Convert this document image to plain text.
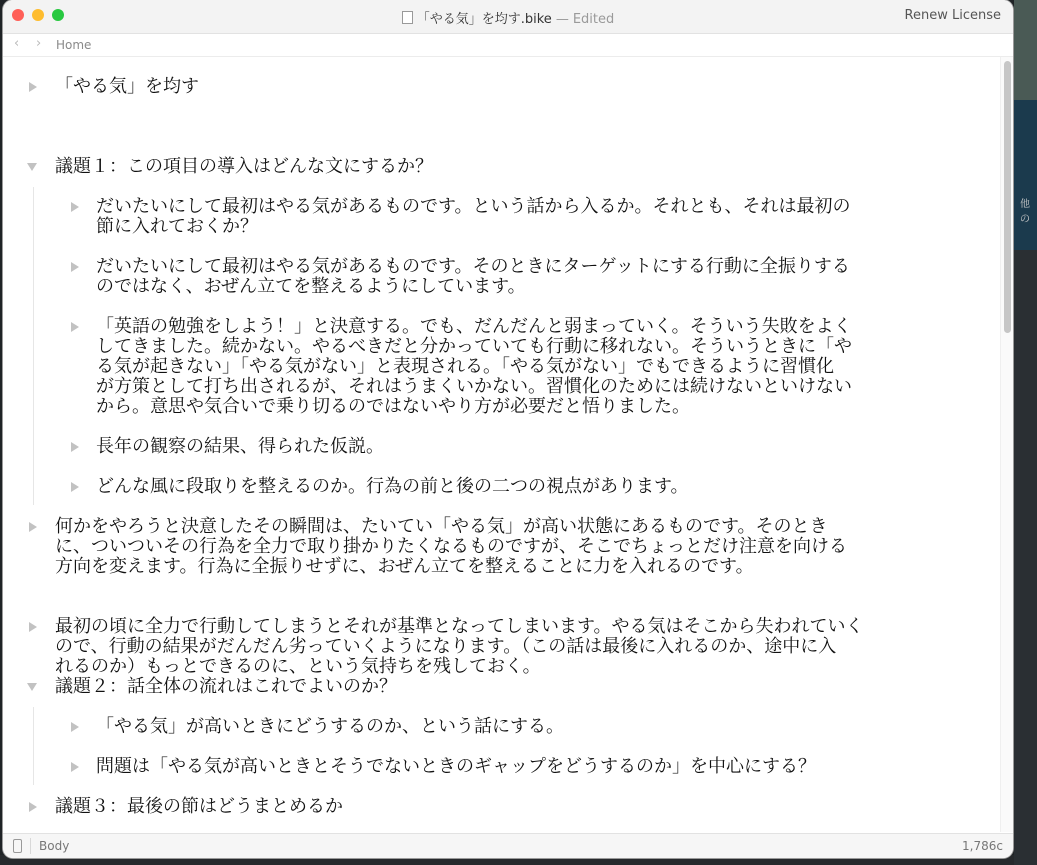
他の
「やる気」を均す.bike — Edited	Renew License
‹ › Home
「やる気」を均す
議題１：この項目の導入はどんな文にするか？
だいたいにして最初はやる気があるものです。という話から入るか。それとも、それは最初の
節に入れておくか？
だいたいにして最初はやる気があるものです。そのときにターゲットにする行動に全振りする
のではなく、おぜん立てを整えるようにしています。
「英語の勉強をしよう！」と決意する。でも、だんだんと弱まっていく。そういう失敗をよく
してきました。続かない。やるべきだと分かっていても行動に移れない。そういうときに「や
る気が起きない」「やる気がない」と表現される。「やる気がない」でもできるように習慣化
が方策として打ち出されるが、それはうまくいかない。習慣化のためには続けないといけない
から。意思や気合いで乗り切るのではないやり方が必要だと悟りました。
長年の観察の結果、得られた仮説。
どんな風に段取りを整えるのか。行為の前と後の二つの視点があります。
何かをやろうと決意したその瞬間は、たいてい「やる気」が高い状態にあるものです。そのとき
に、ついついその行為を全力で取り掛かりたくなるものですが、そこでちょっとだけ注意を向ける
方向を変えます。行為に全振りせずに、おぜん立てを整えることに力を入れるのです。
最初の頃に全力で行動してしまうとそれが基準となってしまいます。やる気はそこから失われていく
ので、行動の結果がだんだん劣っていくようになります。（この話は最後に入れるのか、途中に入
れるのか）もっとできるのに、という気持ちを残しておく。
議題２：話全体の流れはこれでよいのか？
「やる気」が高いときにどうするのか、という話にする。
問題は「やる気が高いときとそうでないときのギャップをどうするのか」を中心にする？
議題３：最後の節はどうまとめるか
Body	1,786c
